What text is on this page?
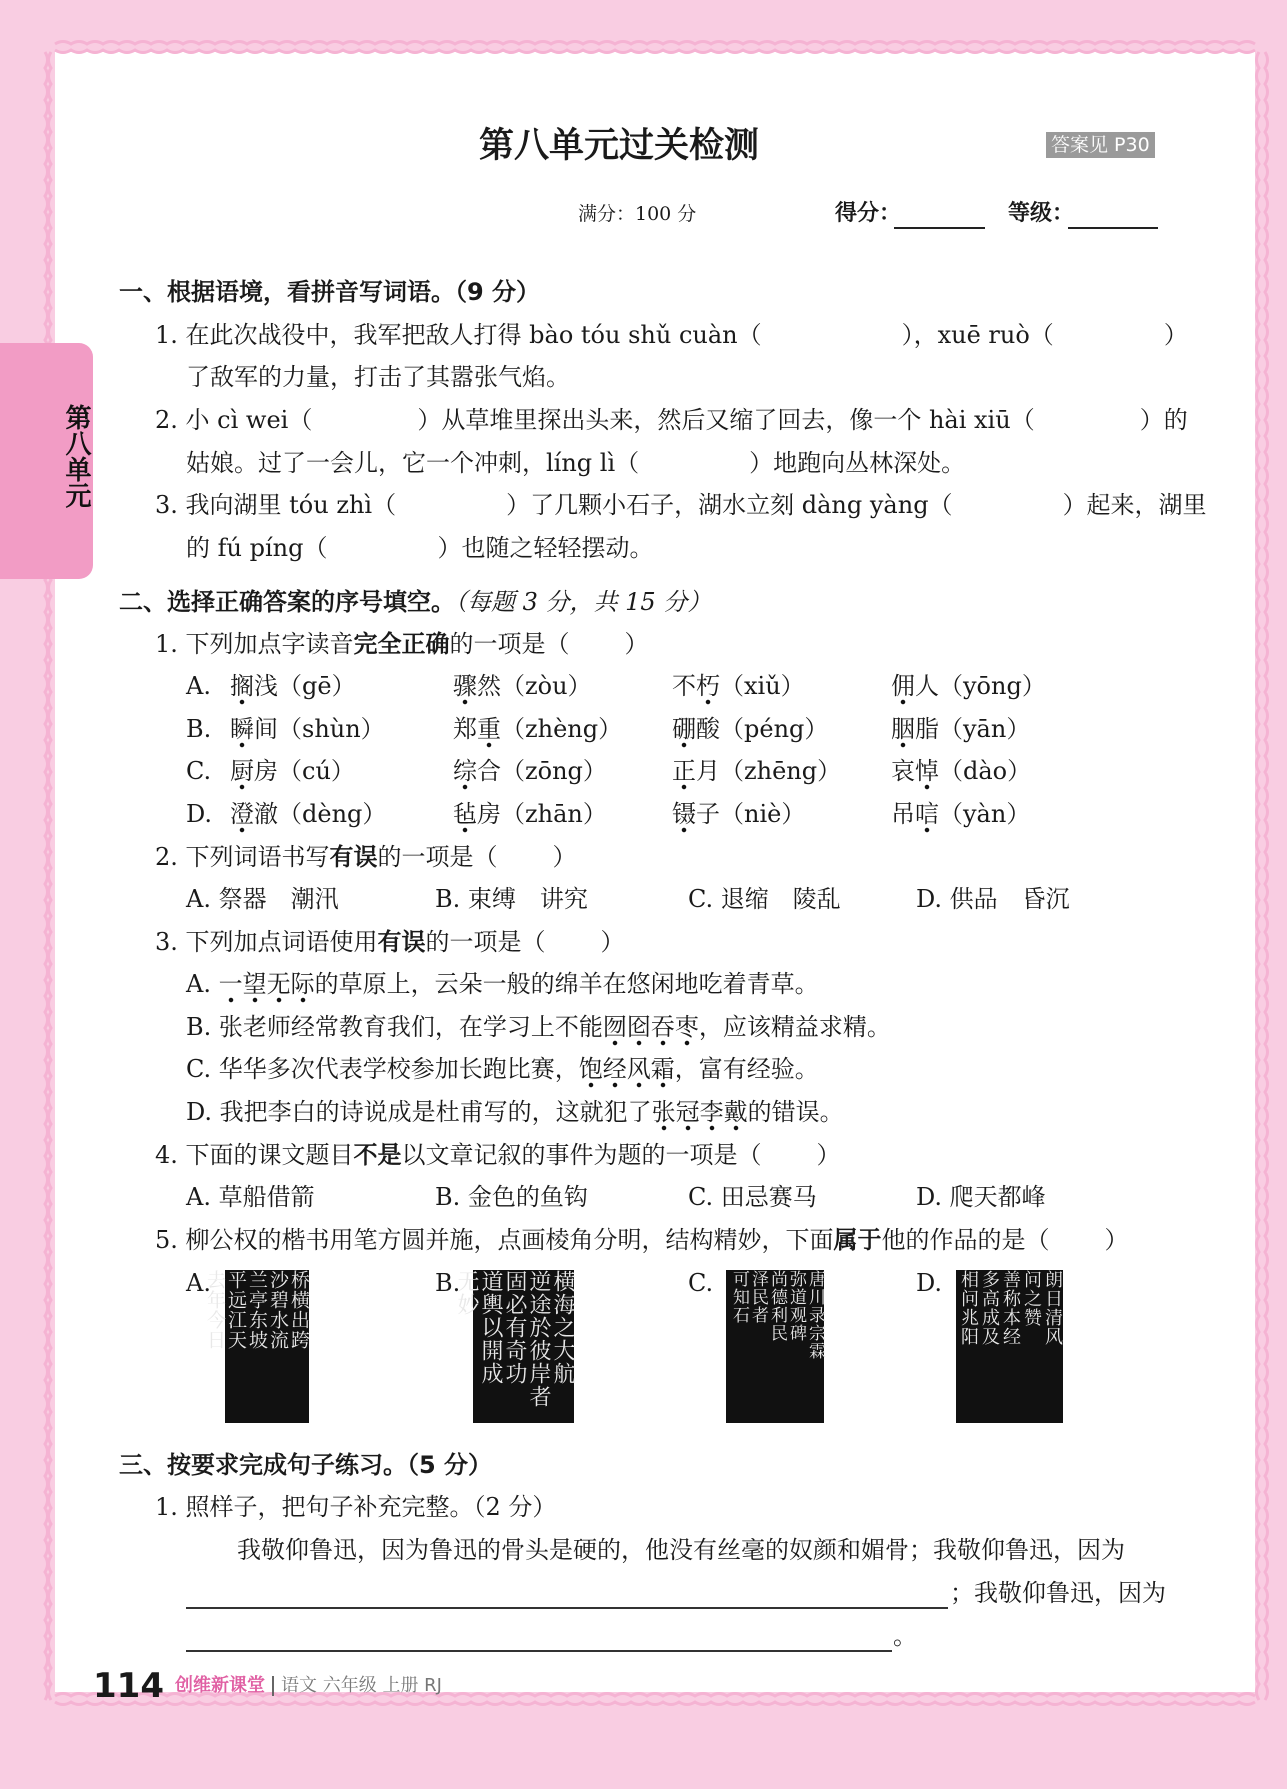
第八单元
第八单元过关检测	答案见 P30
满分：100 分	得分：	等级：
一、根据语境，看拼音写词语。（9 分）
1. 在此次战役中，我军把敌人打得 bào tóu shǔ cuàn（	），xuē ruò（	）
了敌军的力量，打击了其嚣张气焰。
2. 小 cì wei（	）从草堆里探出头来，然后又缩了回去，像一个 hài xiū（	）的
姑娘。过了一会儿，它一个冲刺，líng lì（	）地跑向丛林深处。
3. 我向湖里 tóu zhì（	）了几颗小石子，湖水立刻 dàng yàng（	）起来，湖里
的 fú píng（	）也随之轻轻摆动。
二、选择正确答案的序号填空。（每题 3 分，共 15 分）
1. 下列加点字读音完全正确的一项是（ ）
A. 搁浅（gē）	骤然（zòu）	不朽（xiǔ）	佣人（yōng）
B. 瞬间（shùn）	郑重（zhèng） 硼酸（péng）	胭脂（yān）
C. 厨房（cú）	综合（zōng）	正月（zhēng） 哀悼（dào）
D. 澄澈（dèng）	毡房（zhān）	镊子（niè）	吊唁（yàn）
2. 下列词语书写有误的一项是（ ）
A. 祭器　潮汛	B. 束缚　讲究	C. 退缩　陵乱	D. 供品　昏沉
3. 下列加点词语使用有误的一项是（ ）
A. 一望无际的草原上，云朵一般的绵羊在悠闲地吃着青草。
B. 张老师经常教育我们，在学习上不能囫囵吞枣，应该精益求精。
C. 华华多次代表学校参加长跑比赛，饱经风霜，富有经验。
D. 我把李白的诗说成是杜甫写的，这就犯了张冠李戴的错误。
4. 下面的课文题目不是以文章记叙的事件为题的一项是（ ）
A. 草船借箭	B. 金色的鱼钩	C. 田忌赛马	D. 爬天都峰
5. 柳公权的楷书用笔方圆并施，点画棱角分明，结构精妙，下面属于他的作品的是（ ）
A.	B.	C.	D.
桥横出跨
沙碧水流
兰亭东坡
平远江天
去年今日	横海之大航
逆途於彼岸者
固必有奇功
道輿以開成
无妙	唐川录宗霖
弥道观碑
尚德利民
泽民者
可知石	朗日清风
问之赞
善称本经
多高成及
相问兆阳
三、按要求完成句子练习。（5 分）
1. 照样子，把句子补充完整。（2 分）
我敬仰鲁迅，因为鲁迅的骨头是硬的，他没有丝毫的奴颜和媚骨；我敬仰鲁迅，因为
；我敬仰鲁迅，因为
。
114 创维新课堂 语文 六年级 上册 RJ
